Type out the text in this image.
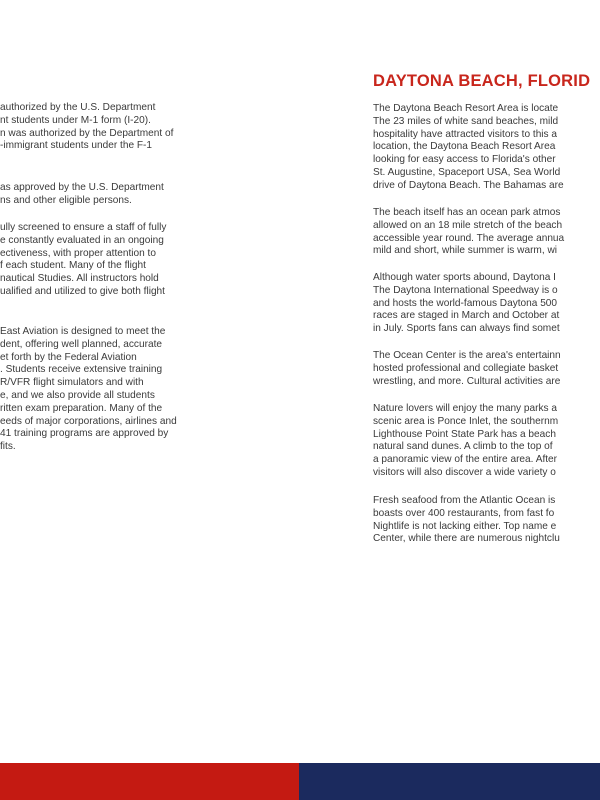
authorized by the U.S. Department
nt students under M-1 form (I-20).
n was authorized by the Department of
-immigrant students under the F-1

as approved by the U.S. Department
ns and other eligible persons.

ully screened to ensure a staff of fully
e constantly evaluated in an ongoing
ectiveness, with proper attention to
f each student. Many of the flight
nautical Studies. All instructors hold
ualified and utilized to give both flight

East Aviation is designed to meet the
dent, offering well planned, accurate
et forth by the Federal Aviation
. Students receive extensive training
R/VFR flight simulators and with
e, and we also provide all students
ritten exam preparation. Many of the
eeds of major corporations, airlines and
41 training programs are approved by
fits.

DAYTONA BEACH, FLORID

The Daytona Beach Resort Area is locate
The 23 miles of white sand beaches, mild
hospitality have attracted visitors to this a
location, the Daytona Beach Resort Area
looking for easy access to Florida's other
St. Augustine, Spaceport USA, Sea World
drive of Daytona Beach. The Bahamas are

The beach itself has an ocean park atmos
allowed on an 18 mile stretch of the beach
accessible year round. The average annua
mild and short, while summer is warm, wi

Although water sports abound, Daytona I
The Daytona International Speedway is o
and hosts the world-famous Daytona 500
races are staged in March and October at
in July. Sports fans can always find somet

The Ocean Center is the area's entertainn
hosted professional and collegiate basket
wrestling, and more. Cultural activities are

Nature lovers will enjoy the many parks a
scenic area is Ponce Inlet, the southernm
Lighthouse Point State Park has a beach
natural sand dunes. A climb to the top of
a panoramic view of the entire area. After
visitors will also discover a wide variety o

Fresh seafood from the Atlantic Ocean is
boasts over 400 restaurants, from fast fo
Nightlife is not lacking either. Top name e
Center, while there are numerous nightclu
